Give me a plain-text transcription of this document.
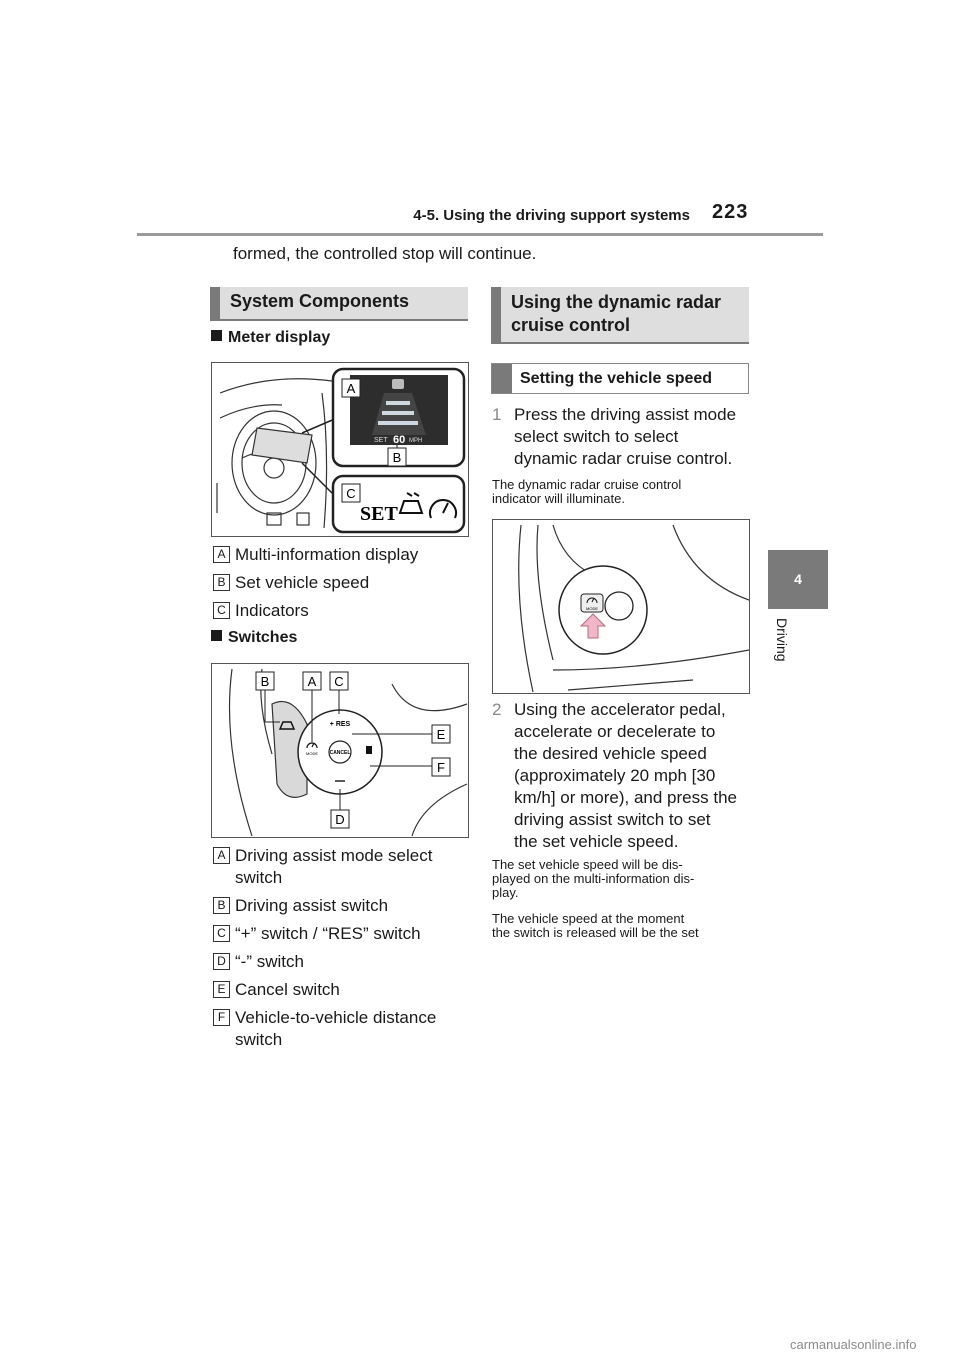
4-5. Using the driving support systems 223
4
Driving
formed, the controlled stop will continue.
System Components
Meter display
SET 60 MPH
A
B
C
SET
A Multi-information display
B Set vehicle speed
C Indicators
Switches
CANCEL
+ RES
MODE
B	A C
E
F
D
A Driving assist mode select
switch
B Driving assist switch
C “+” switch / “RES” switch
D “-” switch
E Cancel switch
F Vehicle-to-vehicle distance
switch
Using the dynamic radar
cruise control
Setting the vehicle speed
1 Press the driving assist mode
select switch to select
dynamic radar cruise control.
The dynamic radar cruise control
indicator will illuminate.
MODE
2 Using the accelerator pedal,
accelerate or decelerate to
the desired vehicle speed
(approximately 20 mph [30
km/h] or more), and press the
driving assist switch to set
the set vehicle speed.
The set vehicle speed will be dis-
played on the multi-information dis-
play.
The vehicle speed at the moment
the switch is released will be the set
carmanualsonline.info
